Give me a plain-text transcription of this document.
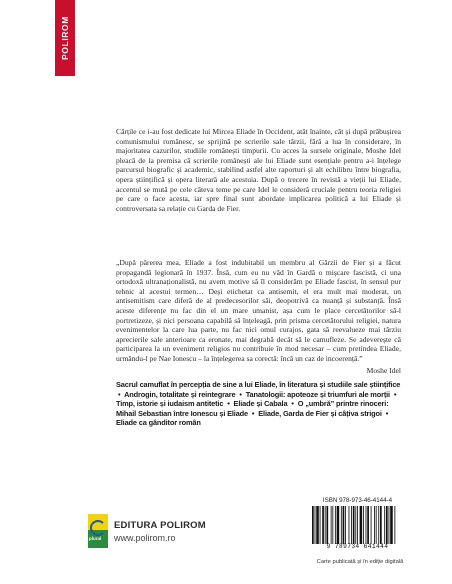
POLIROM

Cărțile ce i-au fost dedicate lui Mircea Eliade în Occident, atât înainte, cât și după prăbușirea comunismului românesc, se sprijină pe scrierile sale târzii, fără a lua în considerare, în majoritatea cazurilor, studiile românești timpurii. Cu acces la sursele originale, Moshe Idel pleacă de la premisa că scrierile românești ale lui Eliade sunt esențiale pentru a-i înțelege parcursul biografic și academic, stabilind astfel alte raporturi și alt echilibru între biografia, opera științifică și opera literară ale acestuia. După o trecere în revistă a vieții lui Eliade, accentul se mută pe cele câteva teme pe care Idel le consideră cruciale pentru teoria religiei pe care o face acesta, iar spre final sunt abordate implicarea politică a lui Eliade și controversata sa relație cu Garda de Fier.

„După părerea mea, Eliade a fost indubitabil un membru al Gărzii de Fier și a făcut propagandă legionară în 1937. Însă, cum eu nu văd în Gardă o mișcare fascistă, ci una ortodoxă ultranaționalistă, nu avem motive să îl considerăm pe Eliade fascist, în sensul pur tehnic al acestui termen… Deși etichetat ca antisemit, el era mult mai moderat, un antisemitism care diferă de al predecesorilor săi, deopotrivă ca nuanță și substanță. Însă aceste diferențe nu fac din el un mare umanist, așa cum le place cercetătorilor să-l portretizeze, și nici persoana capabilă să înțeleagă, prin prisma cercetătorului religiei, natura evenimentelor la care lua parte, nu fac nici omul curajos, gata să reevalueze mai târziu aprecierile sale anterioare ca eronate, mai degrabă decât să le camufleze. Se adeverește că participarea la un eveniment religios nu contribuie în mod necesar – cum pretindea Eliade, urmându-l pe Nae Ionescu – la înțelegerea sa corectă: încă un caz de incoerență.”

Moshe Idel
Sacrul camuflat în percepția de sine a lui Eliade, în literatura și studiile sale științifice • Androgin, totalitate și reintegrare • Tanatologii: apoteoze și triumfuri ale morții • Timp, istorie și iudaism antitetic • Eliade și Cabala • O „umbră” printre rinoceri: Mihail Sebastian între Ionescu și Eliade • Eliade, Garda de Fier și câțiva strigoi • Eliade ca gânditor român
plural
EDITURA POLIROM
www.polirom.ro
ISBN 978-973-46-4144-4
9 789734 641444
Carte publicată și în ediție digitală
